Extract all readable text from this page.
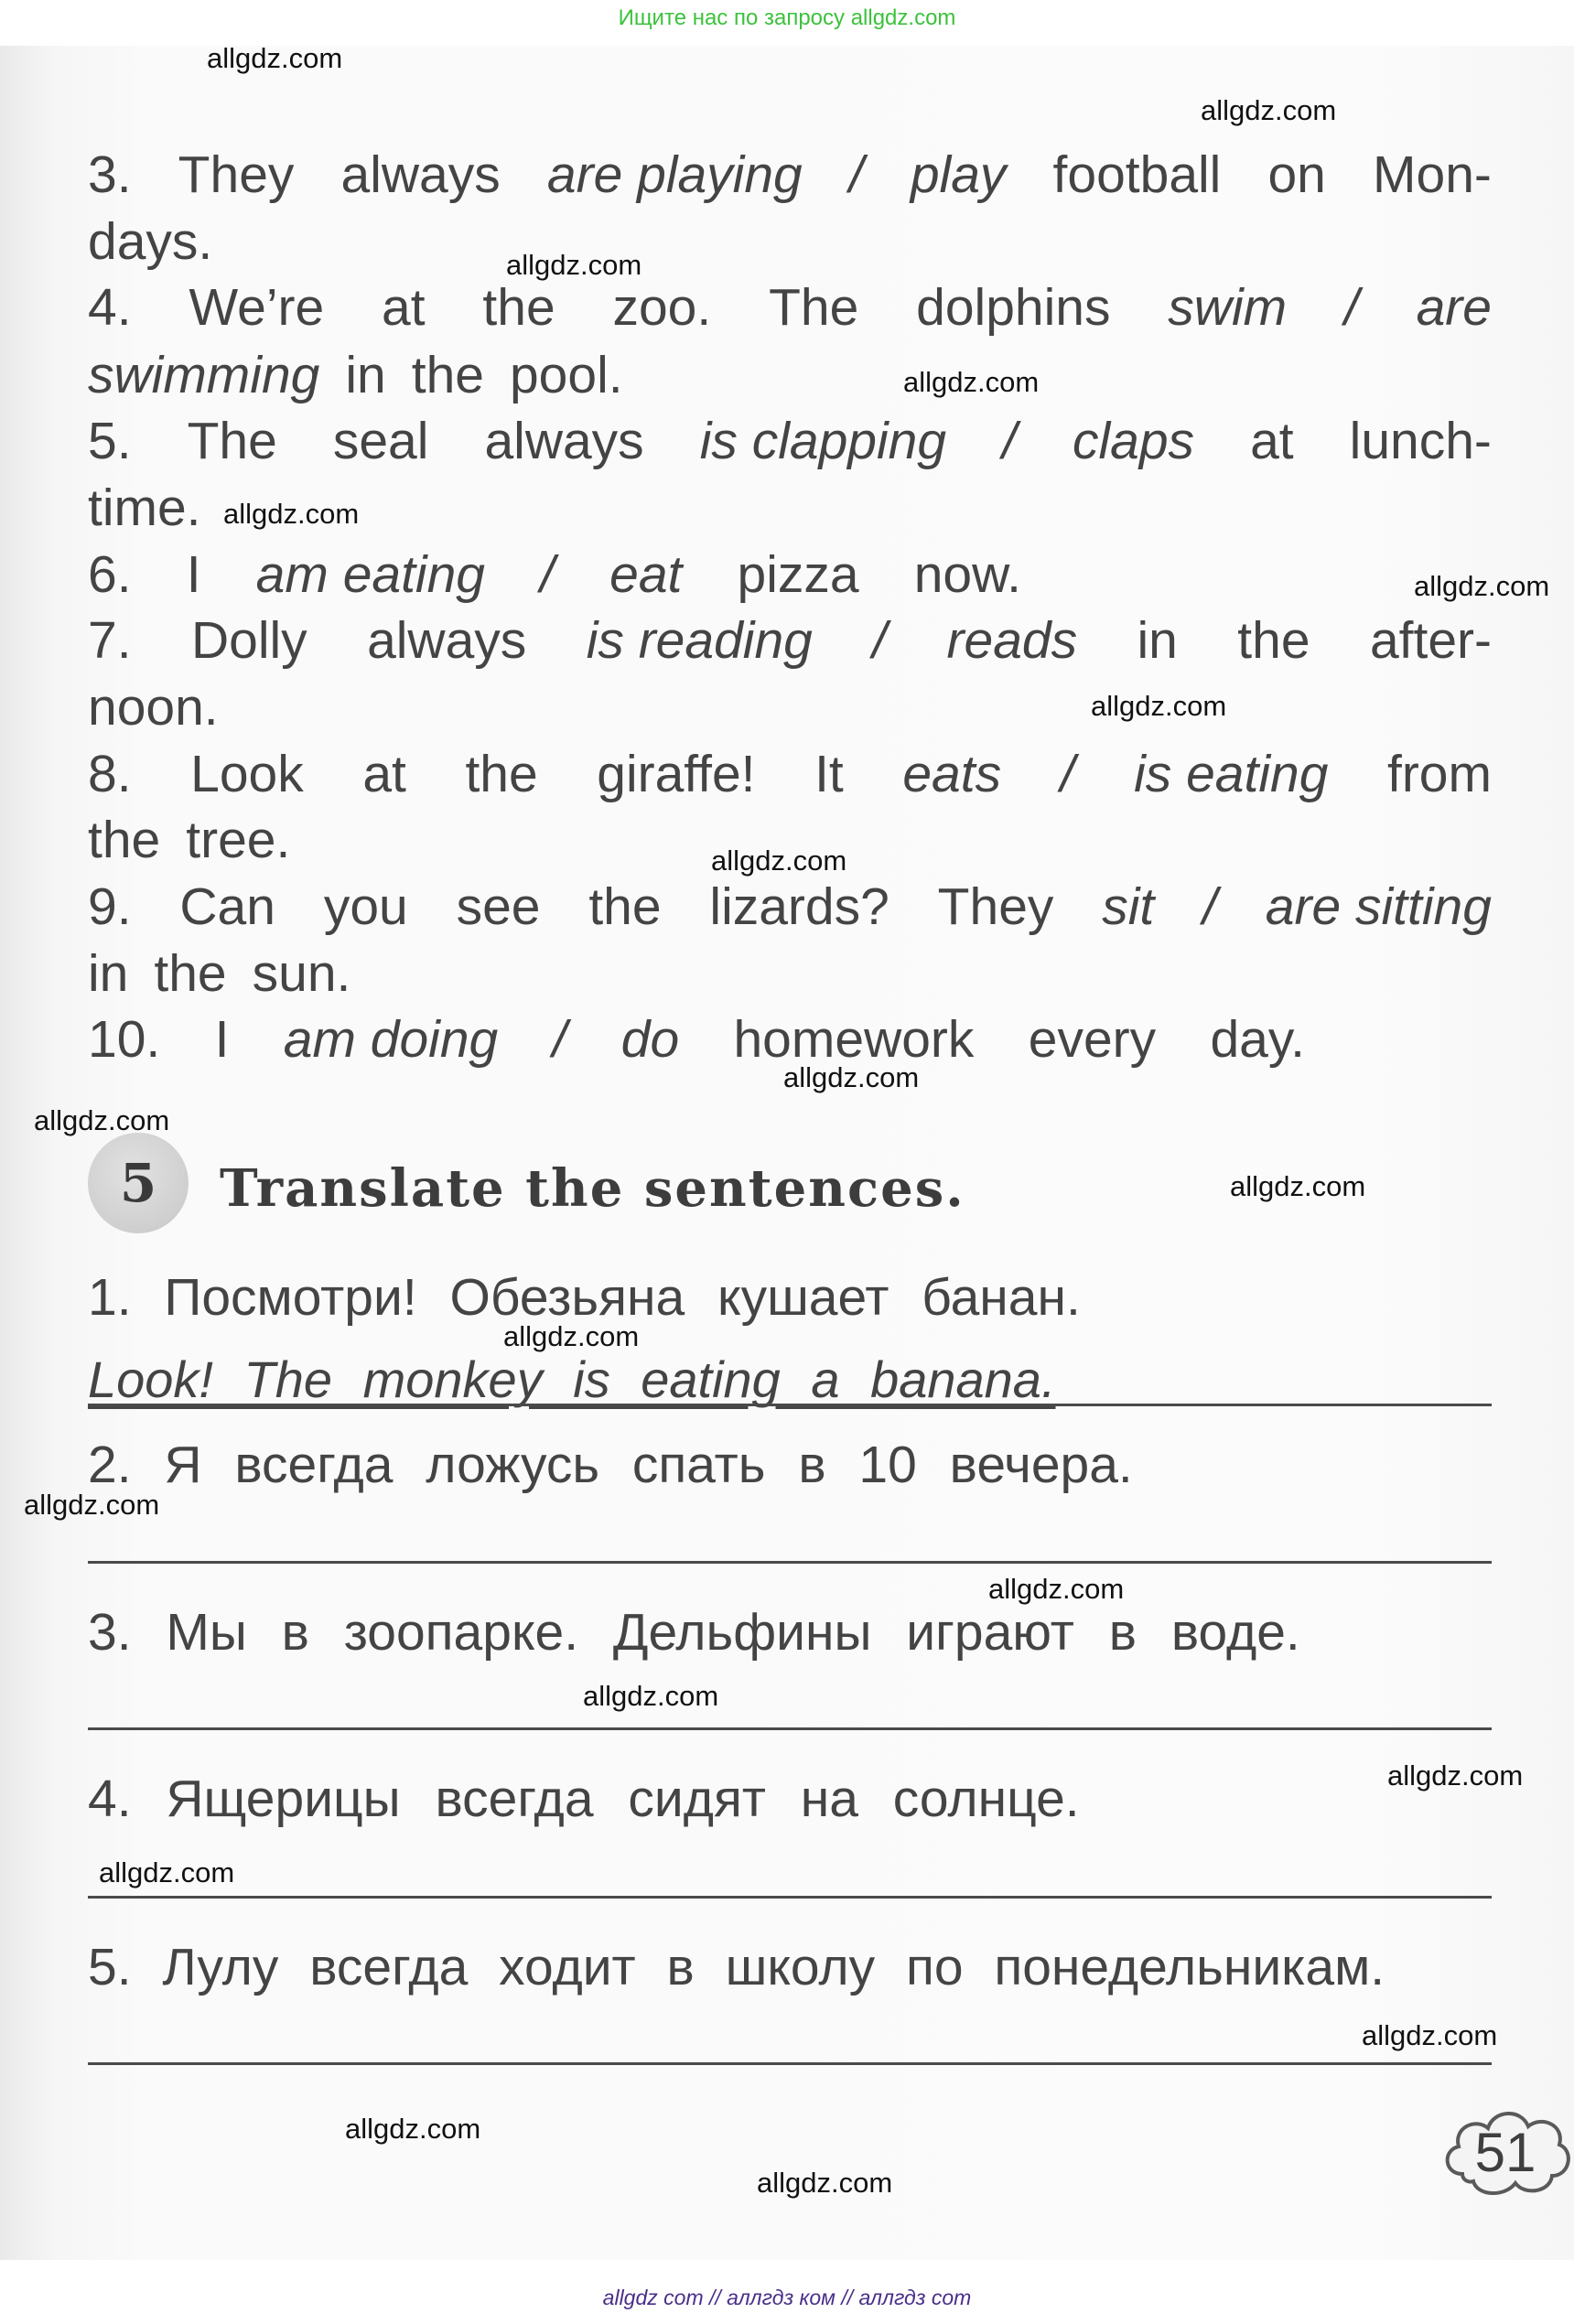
Ищите нас по запросу allgdz.com
3. They always are playing / play football on Mon-
days.
4. We’re at the zoo. The dolphins swim / are
swimming in the pool.
5. The seal always is clapping / claps at lunch-
time.
6. I am eating / eat pizza now.
7. Dolly always is reading / reads in the after-
noon.
8. Look at the giraffe! It eats / is eating from
the tree.
9. Can you see the lizards? They sit / are sitting
in the sun.
10. I am doing / do homework every day.
5	Translate the sentences.
1. Посмотри! Обезьяна кушает банан.
Look! The monkey is eating a banana.
2. Я всегда ложусь спать в 10 вечера.
3. Мы в зоопарке. Дельфины играют в воде.
4. Ящерицы всегда сидят на солнце.
5. Лулу всегда ходит в школу по понедельникам.
51
allgdz.com
allgdz.com
allgdz.com
allgdz.com
allgdz.com
allgdz.com
allgdz.com
allgdz.com
allgdz.com
allgdz.com
allgdz.com
allgdz.com
allgdz.com
allgdz.com
allgdz.com
allgdz.com
allgdz.com
allgdz.com
allgdz.com
allgdz.com
allgdz com // аллгдз ком // аллгдз com
